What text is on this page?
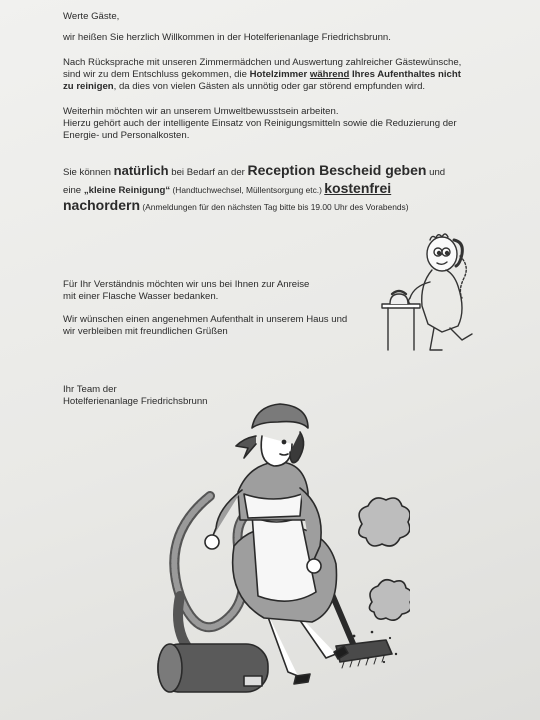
Werte Gäste,
wir heißen Sie herzlich Willkommen in der Hotelferienanlage Friedrichsbrunn.
Nach Rücksprache mit unseren Zimmermädchen und Auswertung zahlreicher Gästewünsche,
sind wir zu dem Entschluss gekommen, die Hotelzimmer während Ihres Aufenthaltes nicht
zu reinigen, da dies von vielen Gästen als unnötig oder gar störend empfunden wird.
Weiterhin möchten wir an unserem Umweltbewusstsein arbeiten.
Hierzu gehört auch der intelligente Einsatz von Reinigungsmitteln sowie die Reduzierung der
Energie- und Personalkosten.
Sie können natürlich bei Bedarf an der Reception Bescheid geben und
eine „kleine Reinigung“ (Handtuchwechsel, Müllentsorgung etc.) kostenfrei
nachordern (Anmeldungen für den nächsten Tag bitte bis 19.00 Uhr des Vorabends)
Für Ihr Verständnis möchten wir uns bei Ihnen zur Anreise
mit einer Flasche Wasser bedanken.
Wir wünschen einen angenehmen Aufenthalt in unserem Haus und
wir verbleiben mit freundlichen Grüßen
Ihr Team der
Hotelferienanlage Friedrichsbrunn
